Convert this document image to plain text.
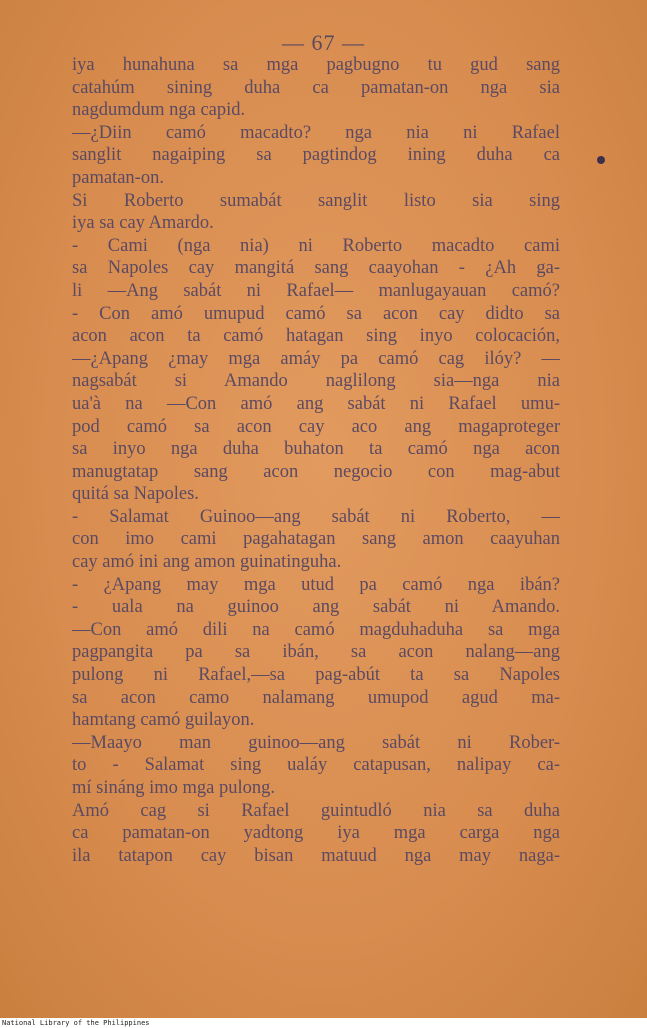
— 67 —
iya hunahuna sa mga pagbugno tu gud sang
catahúm sining duha ca pamatan-on nga sia
nagdumdum nga capid.
—¿Diin camó macadto? nga nia ni Rafael
sanglit nagaiping sa pagtindog ining duha ca
pamatan-on.
Si Roberto sumabát sanglit listo sia sing
iya sa cay Amardo.
- Cami (nga nia) ni Roberto macadto cami
sa Napoles cay mangitá sang caayohan - ¿Ah ga-
li —Ang sabát ni Rafael— manlugayauan camó?
- Con amó umupud camó sa acon cay didto sa
acon acon ta camó hatagan sing inyo colocación,
—¿Apang ¿may mga amáy pa camó cag ilóy? —
nagsabát si Amando naglilong sia—nga nia
ua'à na —Con amó ang sabát ni Rafael umu-
pod camó sa acon cay aco ang magaproteger
sa inyo nga duha buhaton ta camó nga acon
manugtatap sang acon negocio con mag-abut
quitá sa Napoles.
- Salamat Guinoo—ang sabát ni Roberto, —
con imo cami pagahatagan sang amon caayuhan
cay amó ini ang amon guinatinguha.
- ¿Apang may mga utud pa camó nga ibán?
- uala na guinoo ang sabát ni Amando.
—Con amó dili na camó magduhaduha sa mga
pagpangita pa sa ibán, sa acon nalang—ang
pulong ni Rafael,—sa pag-abút ta sa Napoles
sa acon camo nalamang umupod agud ma-
hamtang camó guilayon.
—Maayo man guinoo—ang sabát ni Rober-
to - Salamat sing ualáy catapusan, nalipay ca-
mí sináng imo mga pulong.
Amó cag si Rafael guintudló nia sa duha
ca pamatan-on yadtong iya mga carga nga
ila tatapon cay bisan matuud nga may naga-
National Library of the Philippines
